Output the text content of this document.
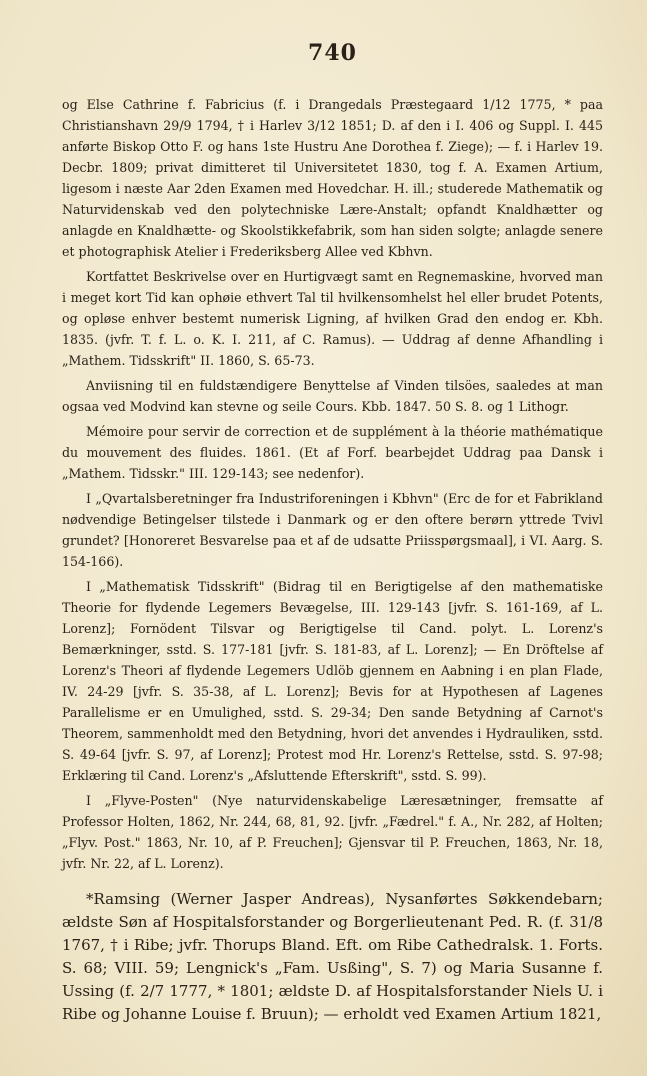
740

og Else Cathrine f. Fabricius (f. i Drangedals Præstegaard 1/12 1775, * paa Christianshavn 29/9 1794, † i Harlev 3/12 1851; D. af den i I. 406 og Suppl. I. 445 anførte Biskop Otto F. og hans 1ste Hustru Ane Dorothea f. Ziege); — f. i Harlev 19. Decbr. 1809; privat dimitteret til Universitetet 1830, tog f. A. Examen Artium, ligesom i næste Aar 2den Examen med Hovedchar. H. ill.; studerede Mathematik og Naturvidenskab ved den polytechniske Lære-Anstalt; opfandt Knaldhætter og anlagde en Knaldhætte- og Skoolstikkefabrik, som han siden solgte; anlagde senere et photographisk Atelier i Frederiksberg Allee ved Kbhvn.

Kortfattet Beskrivelse over en Hurtigvægt samt en Regnemaskine, hvorved man i meget kort Tid kan ophøie ethvert Tal til hvilkensomhelst hel eller brudet Potents, og opløse enhver bestemt numerisk Ligning, af hvilken Grad den endog er. Kbh. 1835. (jvfr. T. f. L. o. K. I. 211, af C. Ramus). — Uddrag af denne Afhandling i „Mathem. Tidsskrift" II. 1860, S. 65-73.

Anviisning til en fuldstændigere Benyttelse af Vinden tilsöes, saaledes at man ogsaa ved Modvind kan stevne og seile Cours. Kbb. 1847. 50 S. 8. og 1 Lithogr.

Mémoire pour servir de correction et de supplément à la théorie mathématique du mouvement des fluides. 1861. (Et af Forf. bearbejdet Uddrag paa Dansk i „Mathem. Tidsskr." III. 129-143; see nedenfor).

I „Qvartalsberetninger fra Industriforeningen i Kbhvn" (Erc de for et Fabrikland nødvendige Betingelser tilstede i Danmark og er den oftere berørn yttrede Tvivl grundet? [Honoreret Besvarelse paa et af de udsatte Priisspørgsmaal], i VI. Aarg. S. 154-166).

I „Mathematisk Tidsskrift" (Bidrag til en Berigtigelse af den mathematiske Theorie for flydende Legemers Bevægelse, III. 129-143 [jvfr. S. 161-169, af L. Lorenz]; Fornödent Tilsvar og Berigtigelse til Cand. polyt. L. Lorenz's Bemærkninger, sstd. S. 177-181 [jvfr. S. 181-83, af L. Lorenz]; — En Dröftelse af Lorenz's Theori af flydende Legemers Udlöb gjennem en Aabning i en plan Flade, IV. 24-29 [jvfr. S. 35-38, af L. Lorenz]; Bevis for at Hypothesen af Lagenes Parallelisme er en Umulighed, sstd. S. 29-34; Den sande Betydning af Carnot's Theorem, sammenholdt med den Betydning, hvori det anvendes i Hydrauliken, sstd. S. 49-64 [jvfr. S. 97, af Lorenz]; Protest mod Hr. Lorenz's Rettelse, sstd. S. 97-98; Erklæring til Cand. Lorenz's „Afsluttende Efterskrift", sstd. S. 99).

I „Flyve-Posten" (Nye naturvidenskabelige Læresætninger, fremsatte af Professor Holten, 1862, Nr. 244, 68, 81, 92. [jvfr. „Fædrel." f. A., Nr. 282, af Holten; „Flyv. Post." 1863, Nr. 10, af P. Freuchen]; Gjensvar til P. Freuchen, 1863, Nr. 18, jvfr. Nr. 22, af L. Lorenz).

*Ramsing (Werner Jasper Andreas), Nysanførtes Søkkendebarn; ældste Søn af Hospitalsforstander og Borgerlieutenant Ped. R. (f. 31/8 1767, † i Ribe; jvfr. Thorups Bland. Eft. om Ribe Cathedralsk. 1. Forts. S. 68; VIII. 59; Lengnick's „Fam. Usßing", S. 7) og Maria Susanne f. Ussing (f. 2/7 1777, * 1801; ældste D. af Hospitalsforstander Niels U. i Ribe og Johanne Louise f. Bruun); — erholdt ved Examen Artium 1821,
